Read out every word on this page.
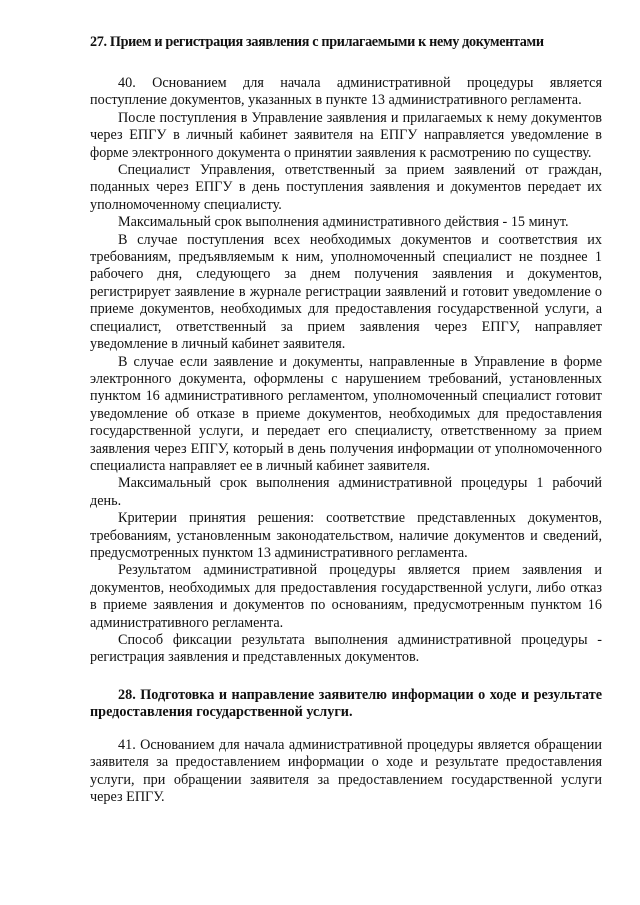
27. Прием и регистрация заявления с прилагаемыми к нему документами

40. Основанием для начала административной процедуры является поступление документов, указанных в пункте 13 административного регламента.

После поступления в Управление заявления и прилагаемых к нему документов через ЕПГУ в личный кабинет заявителя на ЕПГУ направляется уведомление в форме электронного документа о принятии заявления к расмотрению по существу.

Специалист Управления, ответственный за прием заявлений от граждан, поданных через ЕПГУ в день поступления заявления и документов передает их уполномоченному специалисту.

Максимальный срок выполнения административного действия - 15 минут.

В случае поступления всех необходимых документов и соответствия их требованиям, предъявляемым к ним, уполномоченный специалист не позднее 1 рабочего дня, следующего за днем получения заявления и документов, регистрирует заявление в журнале регистрации заявлений и готовит уведомление о приеме документов, необходимых для предоставления государственной услуги, а специалист, ответственный за прием заявления через ЕПГУ, направляет уведомление в личный кабинет заявителя.

В случае если заявление и документы, направленные в Управление в форме электронного документа, оформлены с нарушением требований, установленных пунктом 16 административного регламентом, уполномоченный специалист готовит уведомление об отказе в приеме документов, необходимых для предоставления государственной услуги, и передает его специалисту, ответственному за прием заявления через ЕПГУ, который в день получения информации от уполномоченного специалиста направляет ее в личный кабинет заявителя.

Максимальный срок выполнения административной процедуры 1 рабочий день.

Критерии принятия решения: соответствие представленных документов, требованиям, установленным законодательством, наличие документов и сведений, предусмотренных пунктом 13 административного регламента.

Результатом административной процедуры является прием заявления и документов, необходимых для предоставления государственной услуги, либо отказ в приеме заявления и документов по основаниям, предусмотренным пунктом 16 административного регламента.

Способ фиксации результата выполнения административной процедуры - регистрация заявления и представленных документов.

28. Подготовка и направление заявителю информации о ходе и результате предоставления государственной услуги.

41. Основанием для начала административной процедуры является обращении заявителя за предоставлением информации о ходе и результате предоставления услуги, при обращении заявителя за предоставлением государственной услуги через ЕПГУ.
